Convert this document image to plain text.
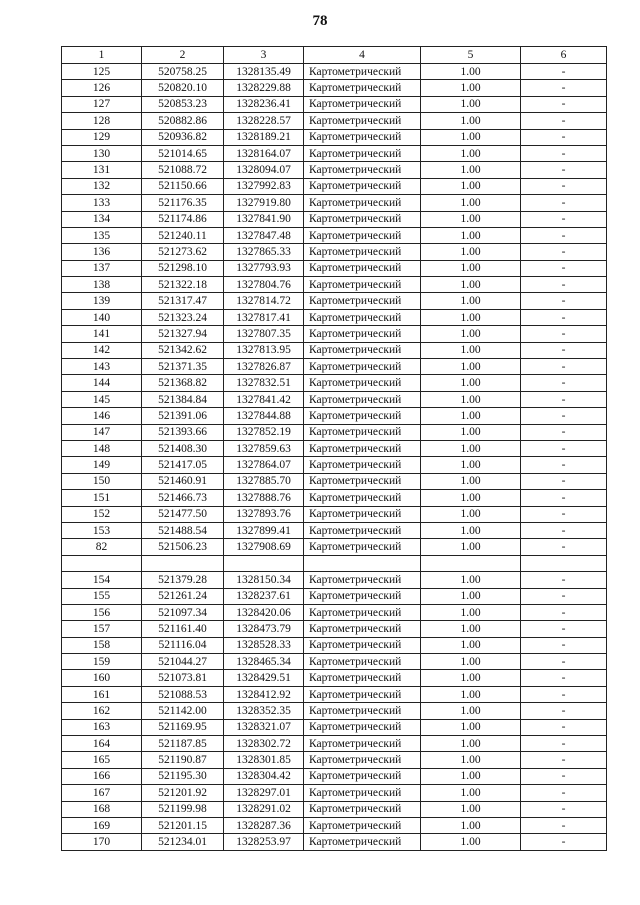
78
1	2	3	4	5	6
125	520758.25	1328135.49	Картометрический	1.00	-
126	520820.10	1328229.88	Картометрический	1.00	-
127	520853.23	1328236.41	Картометрический	1.00	-
128	520882.86	1328228.57	Картометрический	1.00	-
129	520936.82	1328189.21	Картометрический	1.00	-
130	521014.65	1328164.07	Картометрический	1.00	-
131	521088.72	1328094.07	Картометрический	1.00	-
132	521150.66	1327992.83	Картометрический	1.00	-
133	521176.35	1327919.80	Картометрический	1.00	-
134	521174.86	1327841.90	Картометрический	1.00	-
135	521240.11	1327847.48	Картометрический	1.00	-
136	521273.62	1327865.33	Картометрический	1.00	-
137	521298.10	1327793.93	Картометрический	1.00	-
138	521322.18	1327804.76	Картометрический	1.00	-
139	521317.47	1327814.72	Картометрический	1.00	-
140	521323.24	1327817.41	Картометрический	1.00	-
141	521327.94	1327807.35	Картометрический	1.00	-
142	521342.62	1327813.95	Картометрический	1.00	-
143	521371.35	1327826.87	Картометрический	1.00	-
144	521368.82	1327832.51	Картометрический	1.00	-
145	521384.84	1327841.42	Картометрический	1.00	-
146	521391.06	1327844.88	Картометрический	1.00	-
147	521393.66	1327852.19	Картометрический	1.00	-
148	521408.30	1327859.63	Картометрический	1.00	-
149	521417.05	1327864.07	Картометрический	1.00	-
150	521460.91	1327885.70	Картометрический	1.00	-
151	521466.73	1327888.76	Картометрический	1.00	-
152	521477.50	1327893.76	Картометрический	1.00	-
153	521488.54	1327899.41	Картометрический	1.00	-
82	521506.23	1327908.69	Картометрический	1.00	-

154	521379.28	1328150.34	Картометрический	1.00	-
155	521261.24	1328237.61	Картометрический	1.00	-
156	521097.34	1328420.06	Картометрический	1.00	-
157	521161.40	1328473.79	Картометрический	1.00	-
158	521116.04	1328528.33	Картометрический	1.00	-
159	521044.27	1328465.34	Картометрический	1.00	-
160	521073.81	1328429.51	Картометрический	1.00	-
161	521088.53	1328412.92	Картометрический	1.00	-
162	521142.00	1328352.35	Картометрический	1.00	-
163	521169.95	1328321.07	Картометрический	1.00	-
164	521187.85	1328302.72	Картометрический	1.00	-
165	521190.87	1328301.85	Картометрический	1.00	-
166	521195.30	1328304.42	Картометрический	1.00	-
167	521201.92	1328297.01	Картометрический	1.00	-
168	521199.98	1328291.02	Картометрический	1.00	-
169	521201.15	1328287.36	Картометрический	1.00	-
170	521234.01	1328253.97	Картометрический	1.00	-
